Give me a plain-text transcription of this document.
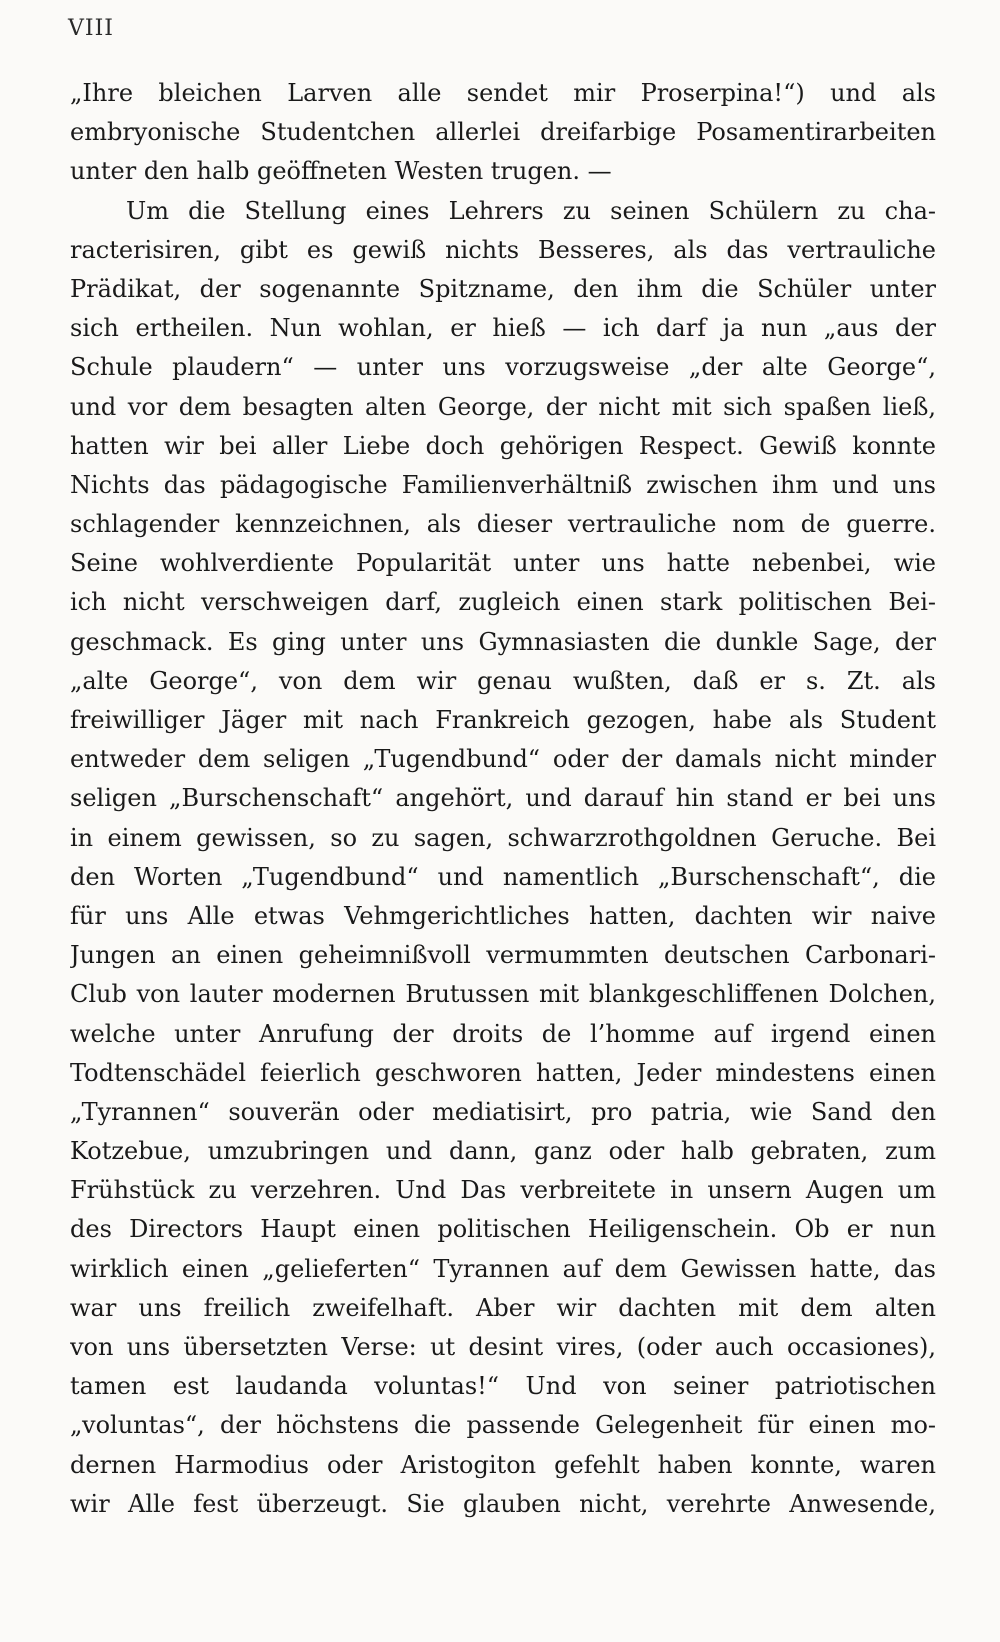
VIII
„Ihre bleichen Larven alle sendet mir Proserpina!“) und als
embryonische Studentchen allerlei dreifarbige Posamentirarbeiten
unter den halb geöffneten Westen trugen. —
Um die Stellung eines Lehrers zu seinen Schülern zu cha-
racterisiren, gibt es gewiß nichts Besseres, als das vertrauliche
Prädikat, der sogenannte Spitzname, den ihm die Schüler unter
sich ertheilen. Nun wohlan, er hieß — ich darf ja nun „aus der
Schule plaudern“ — unter uns vorzugsweise „der alte George“,
und vor dem besagten alten George, der nicht mit sich spaßen ließ,
hatten wir bei aller Liebe doch gehörigen Respect. Gewiß konnte
Nichts das pädagogische Familienverhältniß zwischen ihm und uns
schlagender kennzeichnen, als dieser vertrauliche nom de guerre.
Seine wohlverdiente Popularität unter uns hatte nebenbei, wie
ich nicht verschweigen darf, zugleich einen stark politischen Bei-
geschmack. Es ging unter uns Gymnasiasten die dunkle Sage, der
„alte George“, von dem wir genau wußten, daß er s. Zt. als
freiwilliger Jäger mit nach Frankreich gezogen, habe als Student
entweder dem seligen „Tugendbund“ oder der damals nicht minder
seligen „Burschenschaft“ angehört, und darauf hin stand er bei uns
in einem gewissen, so zu sagen, schwarzrothgoldnen Geruche. Bei
den Worten „Tugendbund“ und namentlich „Burschenschaft“, die
für uns Alle etwas Vehmgerichtliches hatten, dachten wir naive
Jungen an einen geheimnißvoll vermummten deutschen Carbonari-
Club von lauter modernen Brutussen mit blankgeschliffenen Dolchen,
welche unter Anrufung der droits de l’homme auf irgend einen
Todtenschädel feierlich geschworen hatten, Jeder mindestens einen
„Tyrannen“ souverän oder mediatisirt, pro patria, wie Sand den
Kotzebue, umzubringen und dann, ganz oder halb gebraten, zum
Frühstück zu verzehren. Und Das verbreitete in unsern Augen um
des Directors Haupt einen politischen Heiligenschein. Ob er nun
wirklich einen „gelieferten“ Tyrannen auf dem Gewissen hatte, das
war uns freilich zweifelhaft. Aber wir dachten mit dem alten
von uns übersetzten Verse: ut desint vires, (oder auch occasiones),
tamen est laudanda voluntas!“ Und von seiner patriotischen
„voluntas“, der höchstens die passende Gelegenheit für einen mo-
dernen Harmodius oder Aristogiton gefehlt haben konnte, waren
wir Alle fest überzeugt. Sie glauben nicht, verehrte Anwesende,
